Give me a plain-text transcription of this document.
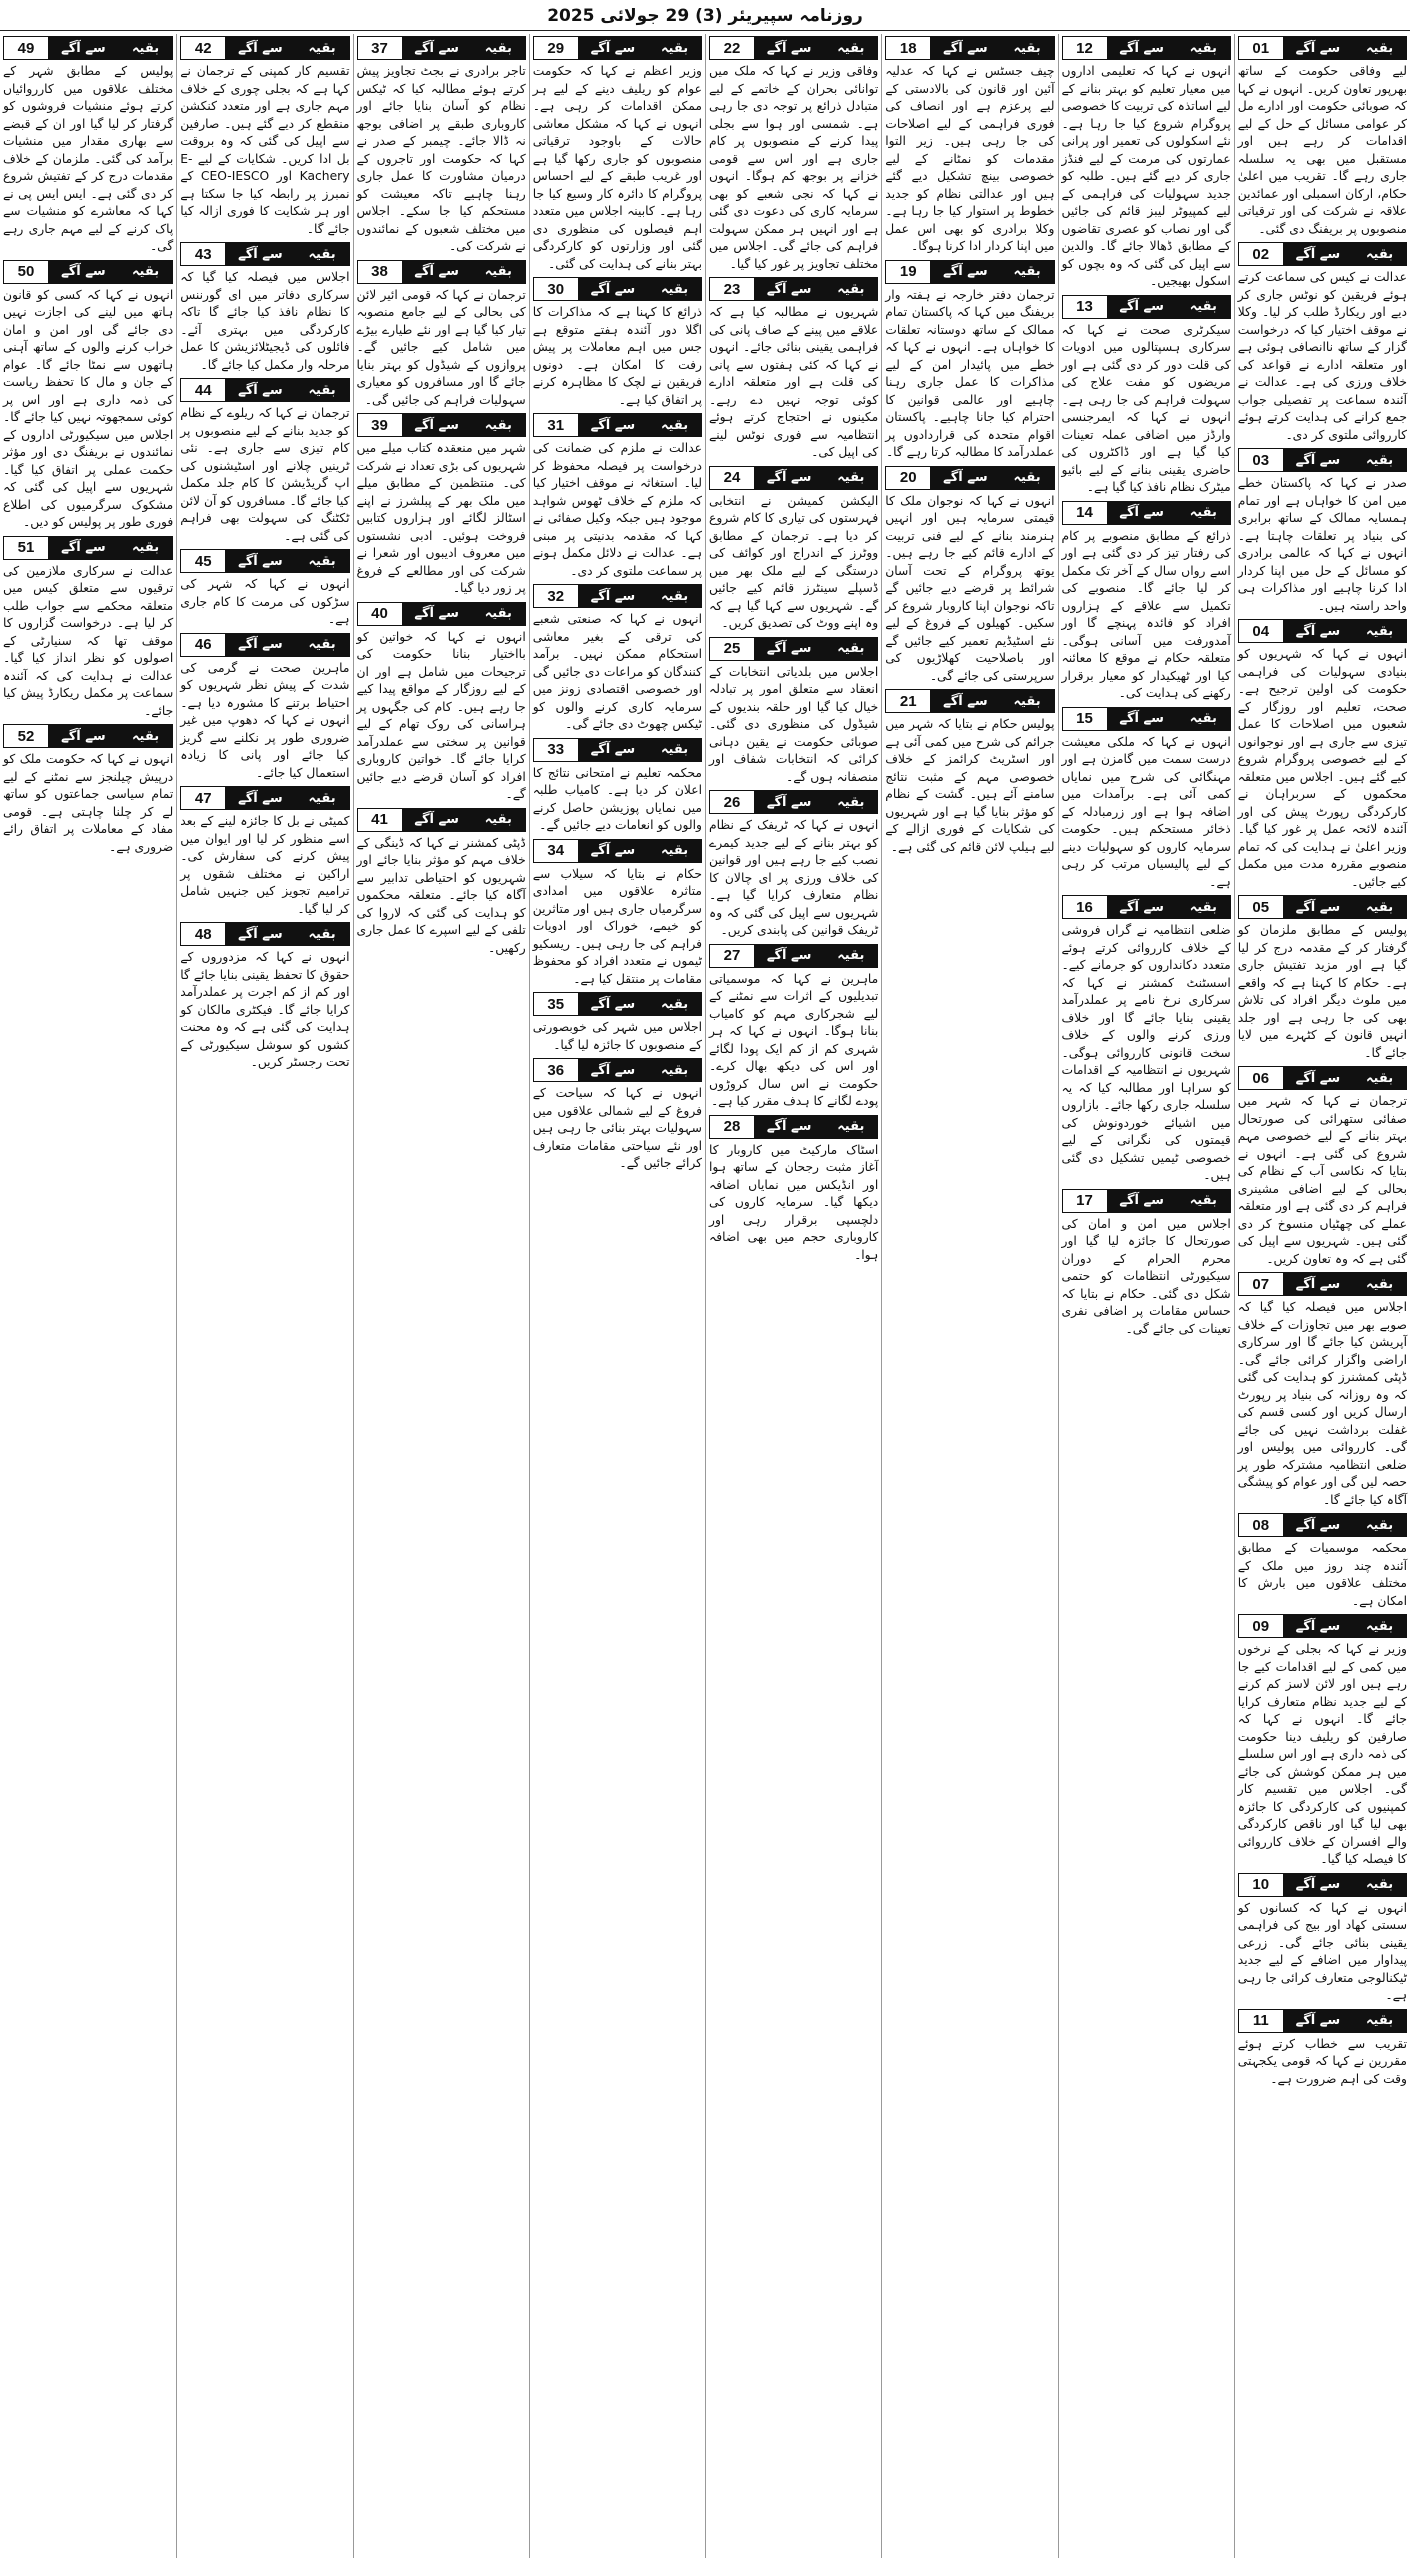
روزنامہ سپیریئر (3) 29 جولائی 2025
01	سے آگے بقیہ

لیے وفاقی حکومت کے ساتھ بھرپور تعاون کریں۔ انہوں نے کہا کہ صوبائی حکومت اور ادارے مل کر عوامی مسائل کے حل کے لیے اقدامات کر رہے ہیں اور مستقبل میں بھی یہ سلسلہ جاری رہے گا۔ تقریب میں اعلیٰ حکام، ارکان اسمبلی اور عمائدین علاقہ نے شرکت کی اور ترقیاتی منصوبوں پر بریفنگ دی گئی۔

02	سے آگے بقیہ

عدالت نے کیس کی سماعت کرتے ہوئے فریقین کو نوٹس جاری کر دیے اور ریکارڈ طلب کر لیا۔ وکلا نے موقف اختیار کیا کہ درخواست گزار کے ساتھ ناانصافی ہوئی ہے اور متعلقہ ادارے نے قواعد کی خلاف ورزی کی ہے۔ عدالت نے آئندہ سماعت پر تفصیلی جواب جمع کرانے کی ہدایت کرتے ہوئے کارروائی ملتوی کر دی۔

03	سے آگے بقیہ

صدر نے کہا کہ پاکستان خطے میں امن کا خواہاں ہے اور تمام ہمسایہ ممالک کے ساتھ برابری کی بنیاد پر تعلقات چاہتا ہے۔ انہوں نے کہا کہ عالمی برادری کو مسائل کے حل میں اپنا کردار ادا کرنا چاہیے اور مذاکرات ہی واحد راستہ ہیں۔

04	سے آگے بقیہ

انہوں نے کہا کہ شہریوں کو بنیادی سہولیات کی فراہمی حکومت کی اولین ترجیح ہے۔ صحت، تعلیم اور روزگار کے شعبوں میں اصلاحات کا عمل تیزی سے جاری ہے اور نوجوانوں کے لیے خصوصی پروگرام شروع کیے گئے ہیں۔ اجلاس میں متعلقہ محکموں کے سربراہان نے کارکردگی رپورٹ پیش کی اور آئندہ لائحہ عمل پر غور کیا گیا۔ وزیر اعلیٰ نے ہدایت کی کہ تمام منصوبے مقررہ مدت میں مکمل کیے جائیں۔

05	سے آگے بقیہ

پولیس کے مطابق ملزمان کو گرفتار کر کے مقدمہ درج کر لیا گیا ہے اور مزید تفتیش جاری ہے۔ حکام کا کہنا ہے کہ واقعے میں ملوث دیگر افراد کی تلاش بھی کی جا رہی ہے اور جلد انہیں قانون کے کٹہرے میں لایا جائے گا۔

06	سے آگے بقیہ

ترجمان نے کہا کہ شہر میں صفائی ستھرائی کی صورتحال بہتر بنانے کے لیے خصوصی مہم شروع کی گئی ہے۔ انہوں نے بتایا کہ نکاسی آب کے نظام کی بحالی کے لیے اضافی مشینری فراہم کر دی گئی ہے اور متعلقہ عملے کی چھٹیاں منسوخ کر دی گئی ہیں۔ شہریوں سے اپیل کی گئی ہے کہ وہ تعاون کریں۔

07	سے آگے بقیہ

اجلاس میں فیصلہ کیا گیا کہ صوبے بھر میں تجاوزات کے خلاف آپریشن کیا جائے گا اور سرکاری اراضی واگزار کرائی جائے گی۔ ڈپٹی کمشنرز کو ہدایت کی گئی کہ وہ روزانہ کی بنیاد پر رپورٹ ارسال کریں اور کسی قسم کی غفلت برداشت نہیں کی جائے گی۔ کارروائی میں پولیس اور ضلعی انتظامیہ مشترکہ طور پر حصہ لیں گی اور عوام کو پیشگی آگاہ کیا جائے گا۔

08	سے آگے بقیہ

محکمہ موسمیات کے مطابق آئندہ چند روز میں ملک کے مختلف علاقوں میں بارش کا امکان ہے۔

09	سے آگے بقیہ

وزیر نے کہا کہ بجلی کے نرخوں میں کمی کے لیے اقدامات کیے جا رہے ہیں اور لائن لاسز کم کرنے کے لیے جدید نظام متعارف کرایا جائے گا۔ انہوں نے کہا کہ صارفین کو ریلیف دینا حکومت کی ذمہ داری ہے اور اس سلسلے میں ہر ممکن کوشش کی جائے گی۔ اجلاس میں تقسیم کار کمپنیوں کی کارکردگی کا جائزہ بھی لیا گیا اور ناقص کارکردگی والے افسران کے خلاف کارروائی کا فیصلہ کیا گیا۔

10	سے آگے بقیہ

انہوں نے کہا کہ کسانوں کو سستی کھاد اور بیج کی فراہمی یقینی بنائی جائے گی۔ زرعی پیداوار میں اضافے کے لیے جدید ٹیکنالوجی متعارف کرائی جا رہی ہے۔

11	سے آگے بقیہ

تقریب سے خطاب کرتے ہوئے مقررین نے کہا کہ قومی یکجہتی وقت کی اہم ضرورت ہے۔

12	سے آگے بقیہ

انہوں نے کہا کہ تعلیمی اداروں میں معیار تعلیم کو بہتر بنانے کے لیے اساتذہ کی تربیت کا خصوصی پروگرام شروع کیا جا رہا ہے۔ نئے اسکولوں کی تعمیر اور پرانی عمارتوں کی مرمت کے لیے فنڈز جاری کر دیے گئے ہیں۔ طلبہ کو جدید سہولیات کی فراہمی کے لیے کمپیوٹر لیبز قائم کی جائیں گی اور نصاب کو عصری تقاضوں کے مطابق ڈھالا جائے گا۔ والدین سے اپیل کی گئی کہ وہ بچوں کو اسکول بھیجیں۔

13	سے آگے بقیہ

سیکرٹری صحت نے کہا کہ سرکاری ہسپتالوں میں ادویات کی قلت دور کر دی گئی ہے اور مریضوں کو مفت علاج کی سہولت فراہم کی جا رہی ہے۔ انہوں نے کہا کہ ایمرجنسی وارڈز میں اضافی عملہ تعینات کیا گیا ہے اور ڈاکٹروں کی حاضری یقینی بنانے کے لیے بائیو میٹرک نظام نافذ کیا گیا ہے۔

14	سے آگے بقیہ

ذرائع کے مطابق منصوبے پر کام کی رفتار تیز کر دی گئی ہے اور اسے رواں سال کے آخر تک مکمل کر لیا جائے گا۔ منصوبے کی تکمیل سے علاقے کے ہزاروں افراد کو فائدہ پہنچے گا اور آمدورفت میں آسانی ہوگی۔ متعلقہ حکام نے موقع کا معائنہ کیا اور ٹھیکیدار کو معیار برقرار رکھنے کی ہدایت کی۔

15	سے آگے بقیہ

انہوں نے کہا کہ ملکی معیشت درست سمت میں گامزن ہے اور مہنگائی کی شرح میں نمایاں کمی آئی ہے۔ برآمدات میں اضافہ ہوا ہے اور زرمبادلہ کے ذخائر مستحکم ہیں۔ حکومت سرمایہ کاروں کو سہولیات دینے کے لیے پالیسیاں مرتب کر رہی ہے۔

16	سے آگے بقیہ

ضلعی انتظامیہ نے گراں فروشی کے خلاف کارروائی کرتے ہوئے متعدد دکانداروں کو جرمانے کیے۔ اسسٹنٹ کمشنر نے کہا کہ سرکاری نرخ نامے پر عملدرآمد یقینی بنایا جائے گا اور خلاف ورزی کرنے والوں کے خلاف سخت قانونی کارروائی ہوگی۔ شہریوں نے انتظامیہ کے اقدامات کو سراہا اور مطالبہ کیا کہ یہ سلسلہ جاری رکھا جائے۔ بازاروں میں اشیائے خوردونوش کی قیمتوں کی نگرانی کے لیے خصوصی ٹیمیں تشکیل دی گئی ہیں۔

17	سے آگے بقیہ

اجلاس میں امن و امان کی صورتحال کا جائزہ لیا گیا اور محرم الحرام کے دوران سیکیورٹی انتظامات کو حتمی شکل دی گئی۔ حکام نے بتایا کہ حساس مقامات پر اضافی نفری تعینات کی جائے گی۔

18	سے آگے بقیہ

چیف جسٹس نے کہا کہ عدلیہ آئین اور قانون کی بالادستی کے لیے پرعزم ہے اور انصاف کی فوری فراہمی کے لیے اصلاحات کی جا رہی ہیں۔ زیر التوا مقدمات کو نمٹانے کے لیے خصوصی بینچ تشکیل دیے گئے ہیں اور عدالتی نظام کو جدید خطوط پر استوار کیا جا رہا ہے۔ وکلا برادری کو بھی اس عمل میں اپنا کردار ادا کرنا ہوگا۔

19	سے آگے بقیہ

ترجمان دفتر خارجہ نے ہفتہ وار بریفنگ میں کہا کہ پاکستان تمام ممالک کے ساتھ دوستانہ تعلقات کا خواہاں ہے۔ انہوں نے کہا کہ خطے میں پائیدار امن کے لیے مذاکرات کا عمل جاری رہنا چاہیے اور عالمی قوانین کا احترام کیا جانا چاہیے۔ پاکستان اقوام متحدہ کی قراردادوں پر عملدرآمد کا مطالبہ کرتا رہے گا۔

20	سے آگے بقیہ

انہوں نے کہا کہ نوجوان ملک کا قیمتی سرمایہ ہیں اور انہیں ہنرمند بنانے کے لیے فنی تربیت کے ادارے قائم کیے جا رہے ہیں۔ یوتھ پروگرام کے تحت آسان شرائط پر قرضے دیے جائیں گے تاکہ نوجوان اپنا کاروبار شروع کر سکیں۔ کھیلوں کے فروغ کے لیے نئے اسٹیڈیم تعمیر کیے جائیں گے اور باصلاحیت کھلاڑیوں کی سرپرستی کی جائے گی۔

21	سے آگے بقیہ

پولیس حکام نے بتایا کہ شہر میں جرائم کی شرح میں کمی آئی ہے اور اسٹریٹ کرائمز کے خلاف خصوصی مہم کے مثبت نتائج سامنے آئے ہیں۔ گشت کے نظام کو مؤثر بنایا گیا ہے اور شہریوں کی شکایات کے فوری ازالے کے لیے ہیلپ لائن قائم کی گئی ہے۔

22	سے آگے بقیہ

وفاقی وزیر نے کہا کہ ملک میں توانائی بحران کے خاتمے کے لیے متبادل ذرائع پر توجہ دی جا رہی ہے۔ شمسی اور ہوا سے بجلی پیدا کرنے کے منصوبوں پر کام جاری ہے اور اس سے قومی خزانے پر بوجھ کم ہوگا۔ انہوں نے کہا کہ نجی شعبے کو بھی سرمایہ کاری کی دعوت دی گئی ہے اور انہیں ہر ممکن سہولت فراہم کی جائے گی۔ اجلاس میں مختلف تجاویز پر غور کیا گیا۔

23	سے آگے بقیہ

شہریوں نے مطالبہ کیا ہے کہ علاقے میں پینے کے صاف پانی کی فراہمی یقینی بنائی جائے۔ انہوں نے کہا کہ کئی ہفتوں سے پانی کی قلت ہے اور متعلقہ ادارے کوئی توجہ نہیں دے رہے۔ مکینوں نے احتجاج کرتے ہوئے انتظامیہ سے فوری نوٹس لینے کی اپیل کی۔

24	سے آگے بقیہ

الیکشن کمیشن نے انتخابی فہرستوں کی تیاری کا کام شروع کر دیا ہے۔ ترجمان کے مطابق ووٹرز کے اندراج اور کوائف کی درستگی کے لیے ملک بھر میں ڈسپلے سینٹرز قائم کیے جائیں گے۔ شہریوں سے کہا گیا ہے کہ وہ اپنے ووٹ کی تصدیق کریں۔

25	سے آگے بقیہ

اجلاس میں بلدیاتی انتخابات کے انعقاد سے متعلق امور پر تبادلہ خیال کیا گیا اور حلقہ بندیوں کے شیڈول کی منظوری دی گئی۔ صوبائی حکومت نے یقین دہانی کرائی کہ انتخابات شفاف اور منصفانہ ہوں گے۔

26	سے آگے بقیہ

انہوں نے کہا کہ ٹریفک کے نظام کو بہتر بنانے کے لیے جدید کیمرے نصب کیے جا رہے ہیں اور قوانین کی خلاف ورزی پر ای چالان کا نظام متعارف کرایا گیا ہے۔ شہریوں سے اپیل کی گئی کہ وہ ٹریفک قوانین کی پابندی کریں۔

27	سے آگے بقیہ

ماہرین نے کہا کہ موسمیاتی تبدیلیوں کے اثرات سے نمٹنے کے لیے شجرکاری مہم کو کامیاب بنانا ہوگا۔ انہوں نے کہا کہ ہر شہری کم از کم ایک پودا لگائے اور اس کی دیکھ بھال کرے۔ حکومت نے اس سال کروڑوں پودے لگانے کا ہدف مقرر کیا ہے۔

28	سے آگے بقیہ

اسٹاک مارکیٹ میں کاروبار کا آغاز مثبت رجحان کے ساتھ ہوا اور انڈیکس میں نمایاں اضافہ دیکھا گیا۔ سرمایہ کاروں کی دلچسپی برقرار رہی اور کاروباری حجم میں بھی اضافہ ہوا۔

29	سے آگے بقیہ

وزیر اعظم نے کہا کہ حکومت عوام کو ریلیف دینے کے لیے ہر ممکن اقدامات کر رہی ہے۔ انہوں نے کہا کہ مشکل معاشی حالات کے باوجود ترقیاتی منصوبوں کو جاری رکھا گیا ہے اور غریب طبقے کے لیے احساس پروگرام کا دائرہ کار وسیع کیا جا رہا ہے۔ کابینہ اجلاس میں متعدد اہم فیصلوں کی منظوری دی گئی اور وزارتوں کو کارکردگی بہتر بنانے کی ہدایت کی گئی۔

30	سے آگے بقیہ

ذرائع کا کہنا ہے کہ مذاکرات کا اگلا دور آئندہ ہفتے متوقع ہے جس میں اہم معاملات پر پیش رفت کا امکان ہے۔ دونوں فریقین نے لچک کا مظاہرہ کرنے پر اتفاق کیا ہے۔

31	سے آگے بقیہ

عدالت نے ملزم کی ضمانت کی درخواست پر فیصلہ محفوظ کر لیا۔ استغاثہ نے موقف اختیار کیا کہ ملزم کے خلاف ٹھوس شواہد موجود ہیں جبکہ وکیل صفائی نے کہا کہ مقدمہ بدنیتی پر مبنی ہے۔ عدالت نے دلائل مکمل ہونے پر سماعت ملتوی کر دی۔

32	سے آگے بقیہ

انہوں نے کہا کہ صنعتی شعبے کی ترقی کے بغیر معاشی استحکام ممکن نہیں۔ برآمد کنندگان کو مراعات دی جائیں گی اور خصوصی اقتصادی زونز میں سرمایہ کاری کرنے والوں کو ٹیکس چھوٹ دی جائے گی۔

33	سے آگے بقیہ

محکمہ تعلیم نے امتحانی نتائج کا اعلان کر دیا ہے۔ کامیاب طلبہ میں نمایاں پوزیشن حاصل کرنے والوں کو انعامات دیے جائیں گے۔

34	سے آگے بقیہ

حکام نے بتایا کہ سیلاب سے متاثرہ علاقوں میں امدادی سرگرمیاں جاری ہیں اور متاثرین کو خیمے، خوراک اور ادویات فراہم کی جا رہی ہیں۔ ریسکیو ٹیموں نے متعدد افراد کو محفوظ مقامات پر منتقل کیا ہے۔

35	سے آگے بقیہ

اجلاس میں شہر کی خوبصورتی کے منصوبوں کا جائزہ لیا گیا۔

36	سے آگے بقیہ

انہوں نے کہا کہ سیاحت کے فروغ کے لیے شمالی علاقوں میں سہولیات بہتر بنائی جا رہی ہیں اور نئے سیاحتی مقامات متعارف کرائے جائیں گے۔

37	سے آگے بقیہ

تاجر برادری نے بجٹ تجاویز پیش کرتے ہوئے مطالبہ کیا کہ ٹیکس نظام کو آسان بنایا جائے اور کاروباری طبقے پر اضافی بوجھ نہ ڈالا جائے۔ چیمبر کے صدر نے کہا کہ حکومت اور تاجروں کے درمیان مشاورت کا عمل جاری رہنا چاہیے تاکہ معیشت کو مستحکم کیا جا سکے۔ اجلاس میں مختلف شعبوں کے نمائندوں نے شرکت کی۔

38	سے آگے بقیہ

ترجمان نے کہا کہ قومی ائیر لائن کی بحالی کے لیے جامع منصوبہ تیار کیا گیا ہے اور نئے طیارے بیڑے میں شامل کیے جائیں گے۔ پروازوں کے شیڈول کو بہتر بنایا جائے گا اور مسافروں کو معیاری سہولیات فراہم کی جائیں گی۔

39	سے آگے بقیہ

شہر میں منعقدہ کتاب میلے میں شہریوں کی بڑی تعداد نے شرکت کی۔ منتظمین کے مطابق میلے میں ملک بھر کے پبلشرز نے اپنے اسٹالز لگائے اور ہزاروں کتابیں فروخت ہوئیں۔ ادبی نشستوں میں معروف ادیبوں اور شعرا نے شرکت کی اور مطالعے کے فروغ پر زور دیا گیا۔

40	سے آگے بقیہ

انہوں نے کہا کہ خواتین کو بااختیار بنانا حکومت کی ترجیحات میں شامل ہے اور ان کے لیے روزگار کے مواقع پیدا کیے جا رہے ہیں۔ کام کی جگہوں پر ہراسانی کی روک تھام کے لیے قوانین پر سختی سے عملدرآمد کرایا جائے گا۔ خواتین کاروباری افراد کو آسان قرضے دیے جائیں گے۔

41	سے آگے بقیہ

ڈپٹی کمشنر نے کہا کہ ڈینگی کے خلاف مہم کو مؤثر بنایا جائے اور شہریوں کو احتیاطی تدابیر سے آگاہ کیا جائے۔ متعلقہ محکموں کو ہدایت کی گئی کہ لاروا کی تلفی کے لیے اسپرے کا عمل جاری رکھیں۔

42	سے آگے بقیہ

تقسیم کار کمپنی کے ترجمان نے کہا ہے کہ بجلی چوری کے خلاف مہم جاری ہے اور متعدد کنکشن منقطع کر دیے گئے ہیں۔ صارفین سے اپیل کی گئی کہ وہ بروقت بل ادا کریں۔ شکایات کے لیے E-Kachery اور CEO-IESCO کے نمبرز پر رابطہ کیا جا سکتا ہے اور ہر شکایت کا فوری ازالہ کیا جائے گا۔

43	سے آگے بقیہ

اجلاس میں فیصلہ کیا گیا کہ سرکاری دفاتر میں ای گورننس کا نظام نافذ کیا جائے گا تاکہ کارکردگی میں بہتری آئے۔ فائلوں کی ڈیجیٹلائزیشن کا عمل مرحلہ وار مکمل کیا جائے گا۔

44	سے آگے بقیہ

ترجمان نے کہا کہ ریلوے کے نظام کو جدید بنانے کے لیے منصوبوں پر کام تیزی سے جاری ہے۔ نئی ٹرینیں چلانے اور اسٹیشنوں کی اپ گریڈیشن کا کام جلد مکمل کیا جائے گا۔ مسافروں کو آن لائن ٹکٹنگ کی سہولت بھی فراہم کی گئی ہے۔

45	سے آگے بقیہ

انہوں نے کہا کہ شہر کی سڑکوں کی مرمت کا کام جاری ہے۔

46	سے آگے بقیہ

ماہرین صحت نے گرمی کی شدت کے پیش نظر شہریوں کو احتیاط برتنے کا مشورہ دیا ہے۔ انہوں نے کہا کہ دھوپ میں غیر ضروری طور پر نکلنے سے گریز کیا جائے اور پانی کا زیادہ استعمال کیا جائے۔

47	سے آگے بقیہ

کمیٹی نے بل کا جائزہ لینے کے بعد اسے منظور کر لیا اور ایوان میں پیش کرنے کی سفارش کی۔ اراکین نے مختلف شقوں پر ترامیم تجویز کیں جنہیں شامل کر لیا گیا۔

48	سے آگے بقیہ

انہوں نے کہا کہ مزدوروں کے حقوق کا تحفظ یقینی بنایا جائے گا اور کم از کم اجرت پر عملدرآمد کرایا جائے گا۔ فیکٹری مالکان کو ہدایت کی گئی ہے کہ وہ محنت کشوں کو سوشل سیکیورٹی کے تحت رجسٹر کریں۔

49	سے آگے بقیہ

پولیس کے مطابق شہر کے مختلف علاقوں میں کارروائیاں کرتے ہوئے منشیات فروشوں کو گرفتار کر لیا گیا اور ان کے قبضے سے بھاری مقدار میں منشیات برآمد کی گئی۔ ملزمان کے خلاف مقدمات درج کر کے تفتیش شروع کر دی گئی ہے۔ ایس ایس پی نے کہا کہ معاشرے کو منشیات سے پاک کرنے کے لیے مہم جاری رہے گی۔

50	سے آگے بقیہ

انہوں نے کہا کہ کسی کو قانون ہاتھ میں لینے کی اجازت نہیں دی جائے گی اور امن و امان خراب کرنے والوں کے ساتھ آہنی ہاتھوں سے نمٹا جائے گا۔ عوام کے جان و مال کا تحفظ ریاست کی ذمہ داری ہے اور اس پر کوئی سمجھوتہ نہیں کیا جائے گا۔ اجلاس میں سیکیورٹی اداروں کے نمائندوں نے بریفنگ دی اور مؤثر حکمت عملی پر اتفاق کیا گیا۔ شہریوں سے اپیل کی گئی کہ مشکوک سرگرمیوں کی اطلاع فوری طور پر پولیس کو دیں۔

51	سے آگے بقیہ

عدالت نے سرکاری ملازمین کی ترقیوں سے متعلق کیس میں متعلقہ محکمے سے جواب طلب کر لیا ہے۔ درخواست گزاروں کا موقف تھا کہ سنیارٹی کے اصولوں کو نظر انداز کیا گیا۔ عدالت نے ہدایت کی کہ آئندہ سماعت پر مکمل ریکارڈ پیش کیا جائے۔

52	سے آگے بقیہ

انہوں نے کہا کہ حکومت ملک کو درپیش چیلنجز سے نمٹنے کے لیے تمام سیاسی جماعتوں کو ساتھ لے کر چلنا چاہتی ہے۔ قومی مفاد کے معاملات پر اتفاق رائے ضروری ہے۔
